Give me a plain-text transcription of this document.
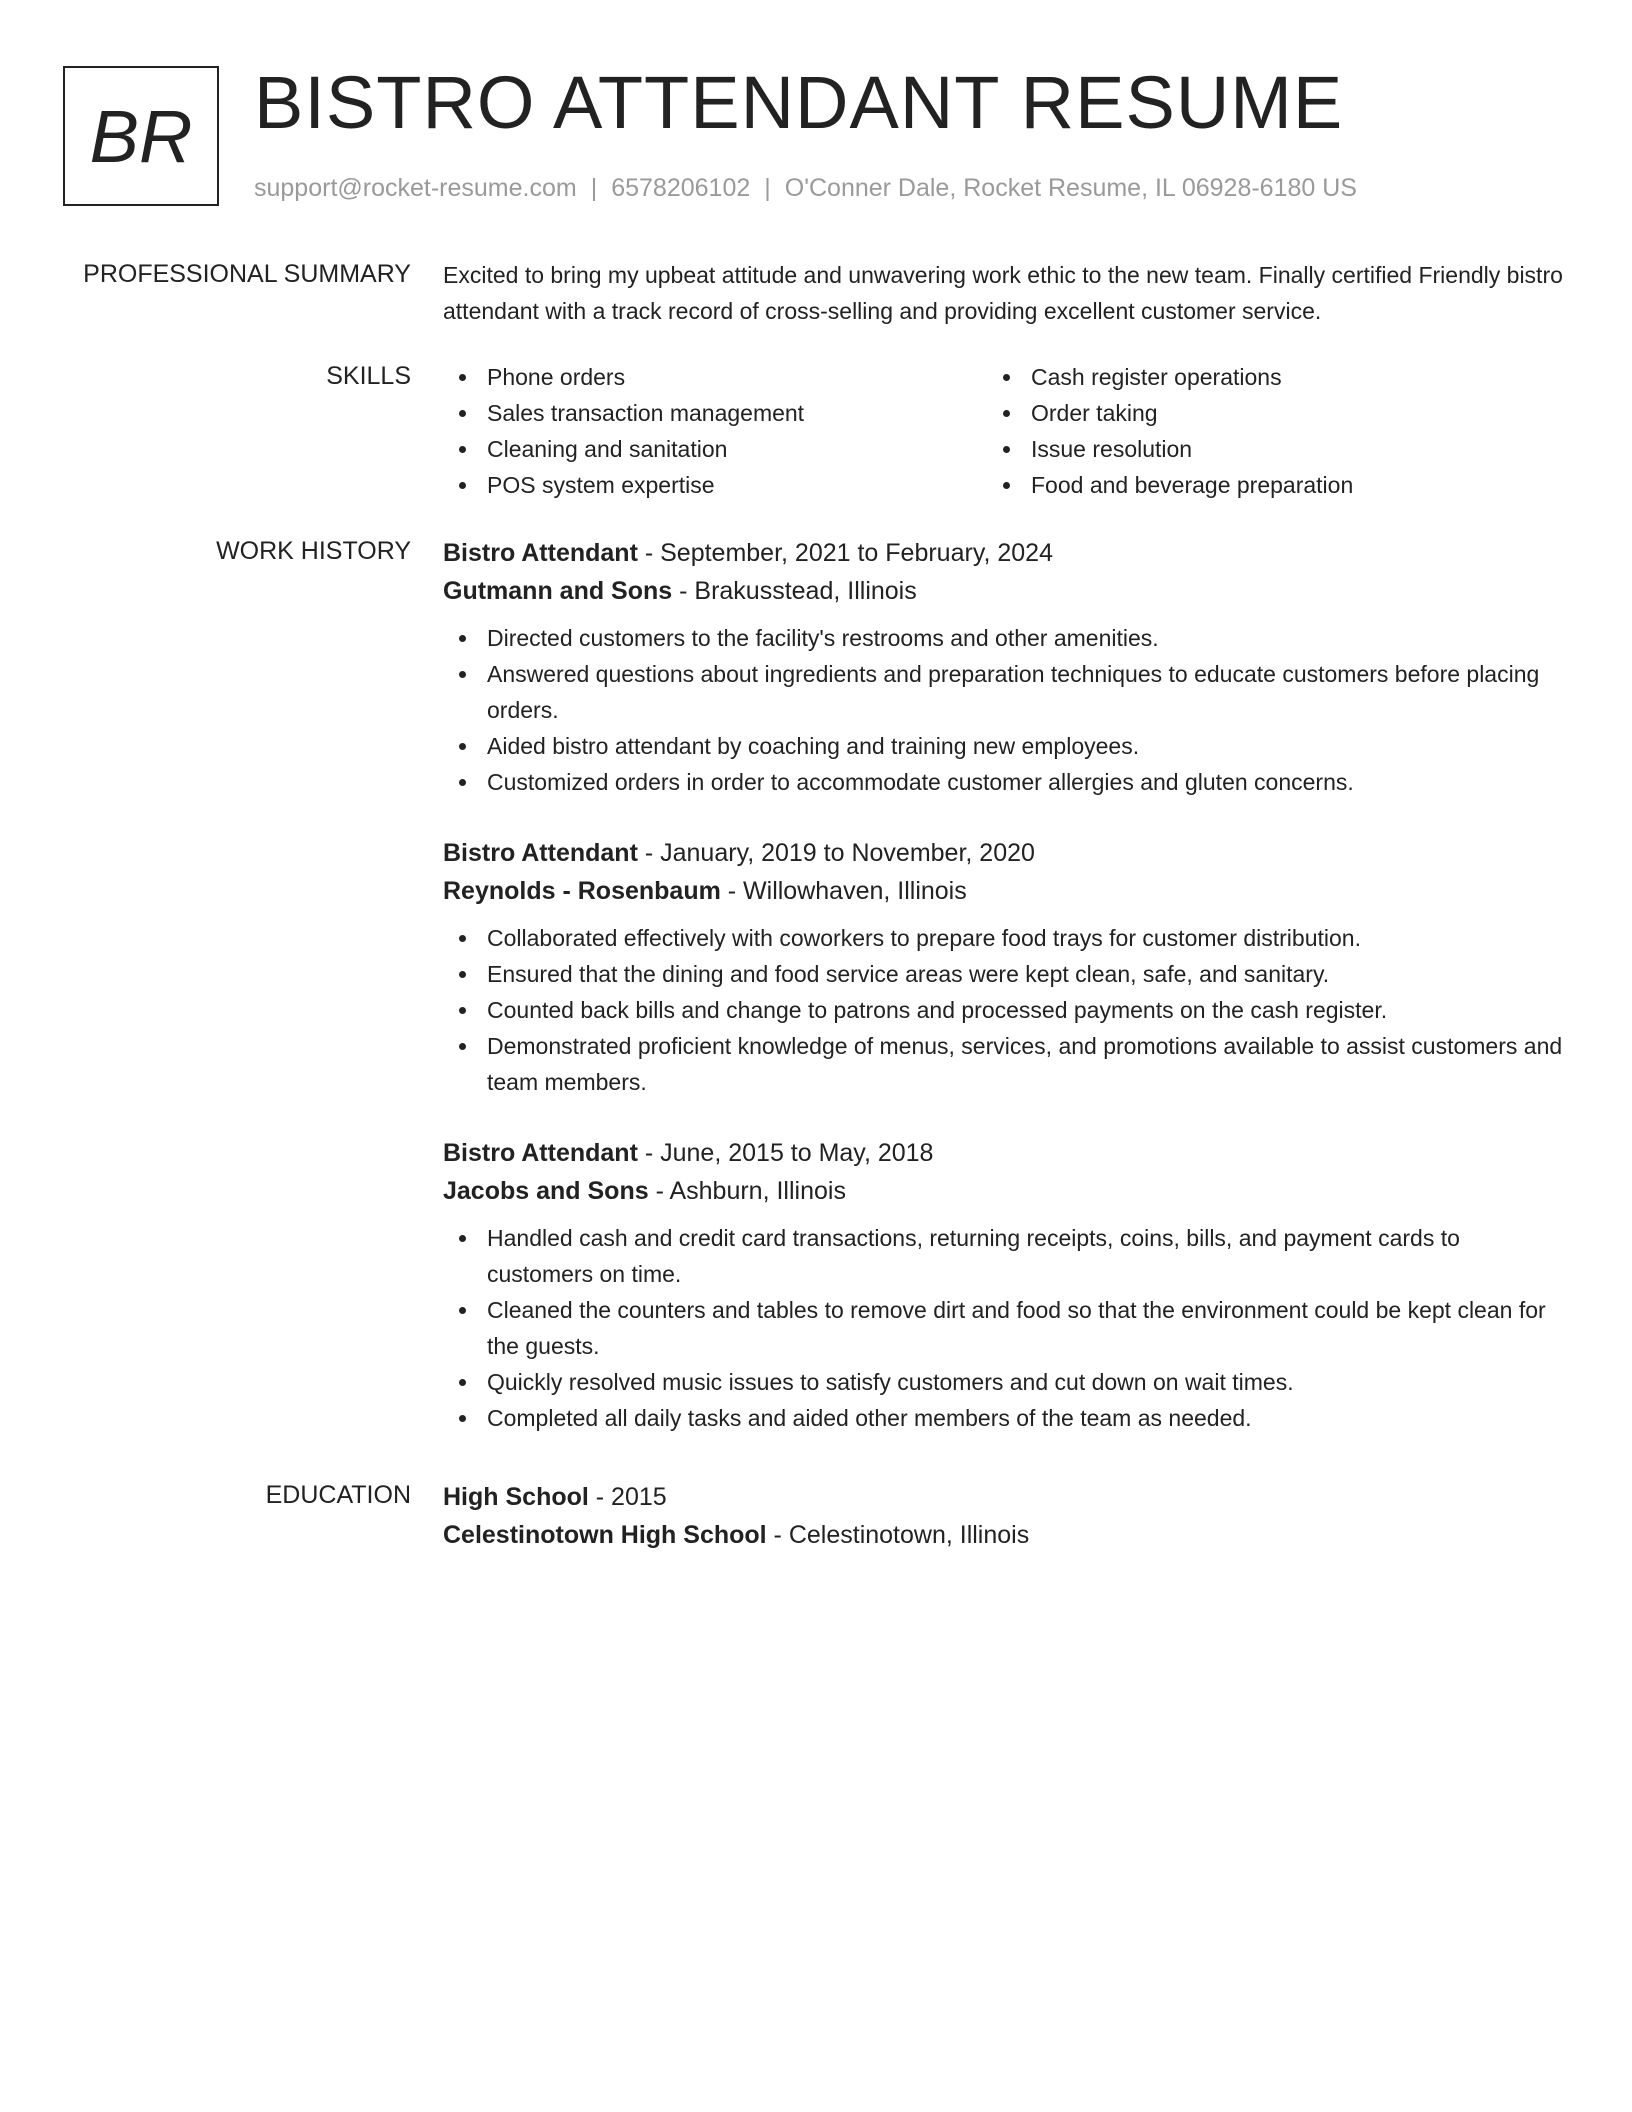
BR BISTRO ATTENDANT RESUME
support@rocket-resume.com | 6578206102 | O'Conner Dale, Rocket Resume, IL 06928-6180 US
PROFESSIONAL SUMMARY Excited to bring my upbeat attitude and unwavering work ethic to the new team. Finally certified Friendly bistro attendant with a track record of cross-selling and providing excellent customer service.

SKILLS	Phone orders
Sales transaction management
Cleaning and sanitation
POS system expertise
Cash register operations
Order taking
Issue resolution
Food and beverage preparation
WORK HISTORY Bistro Attendant - September, 2021 to February, 2024
Gutmann and Sons - Brakusstead, Illinois
Directed customers to the facility's restrooms and other amenities.
Answered questions about ingredients and preparation techniques to educate customers before placing orders.
Aided bistro attendant by coaching and training new employees.
Customized orders in order to accommodate customer allergies and gluten concerns.
Bistro Attendant - January, 2019 to November, 2020
Reynolds - Rosenbaum - Willowhaven, Illinois
Collaborated effectively with coworkers to prepare food trays for customer distribution.
Ensured that the dining and food service areas were kept clean, safe, and sanitary.
Counted back bills and change to patrons and processed payments on the cash register.
Demonstrated proficient knowledge of menus, services, and promotions available to assist customers and team members.
Bistro Attendant - June, 2015 to May, 2018
Jacobs and Sons - Ashburn, Illinois
Handled cash and credit card transactions, returning receipts, coins, bills, and payment cards to customers on time.
Cleaned the counters and tables to remove dirt and food so that the environment could be kept clean for the guests.
Quickly resolved music issues to satisfy customers and cut down on wait times.
Completed all daily tasks and aided other members of the team as needed.
EDUCATION High School - 2015
Celestinotown High School - Celestinotown, Illinois
